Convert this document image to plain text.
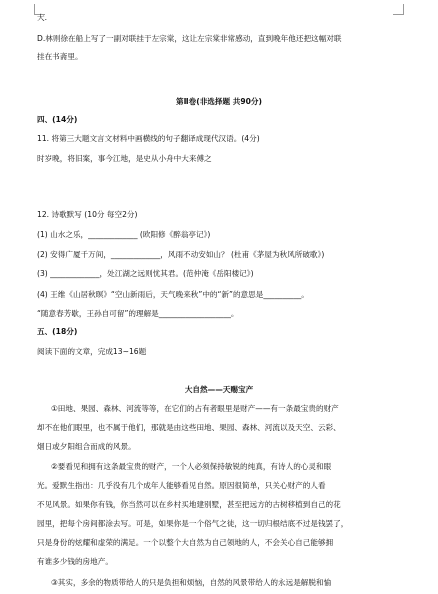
大.
D.林则徐在船上写了一副对联挂于左宗棠，这让左宗棠非常感动，直到晚年他还把这幅对联
挂在书斋里。
第Ⅱ卷(非选择题 共90分)
四、(14分)
11. 将第三大题文言文材料中画横线的句子翻译成现代汉语。(4分)
时岁晚，将旧案，事今江地，是史从小舟中大来傅之
12. 诗歌默写 (10分 每空2分)
(1) 山水之乐，_____________ (欧阳修《醉翁亭记》)
(2) 安得广厦千万间，_____________，风雨不动安如山？ (杜甫《茅屋为秋风所破歌》)
(3) _____________，处江湖之远则忧其君。(范仲淹《岳阳楼记》)
(4) 王维《山居秋暝》“空山新雨后，天气晚来秋”中的“新”的意思是__________。
“随意春芳歇，王孙自可留”的理解是___________________。
五、(18分)
阅读下面的文章，完成13~16题
大自然——天赐宝产
①田地、果园、森林、河流等等，在它们的占有者眼里是财产——有一条最宝贵的财产
却不在他们眼里，也不属于他们，那就是由这些田地、果园、森林、河流以及天空、云彩、
烟日或夕阳组合而成的风景。
②要看见和拥有这条最宝贵的财产，一个人必须保持敏锐的纯真，有诗人的心灵和眼
光。爱默生指出：几乎没有几个成年人能够看见自然。原因很简单，只关心财产的人看
不见风景。如果你有钱，你当然可以在乡村买地建别墅，甚至把远方的古树移植到自己的花
园里，把每个房间都涂去写。可是，如果你是一个俗气之徒，这一切归根结底不过是钱罢了，
只是身份的炫耀和虚荣的满足。一个以整个大自然为自己领地的人，不会关心自己能够拥
有谁多少钱的房地产。
③其实，多余的物质带给人的只是负担和烦恼，自然的风景带给人的永远是解脱和愉
